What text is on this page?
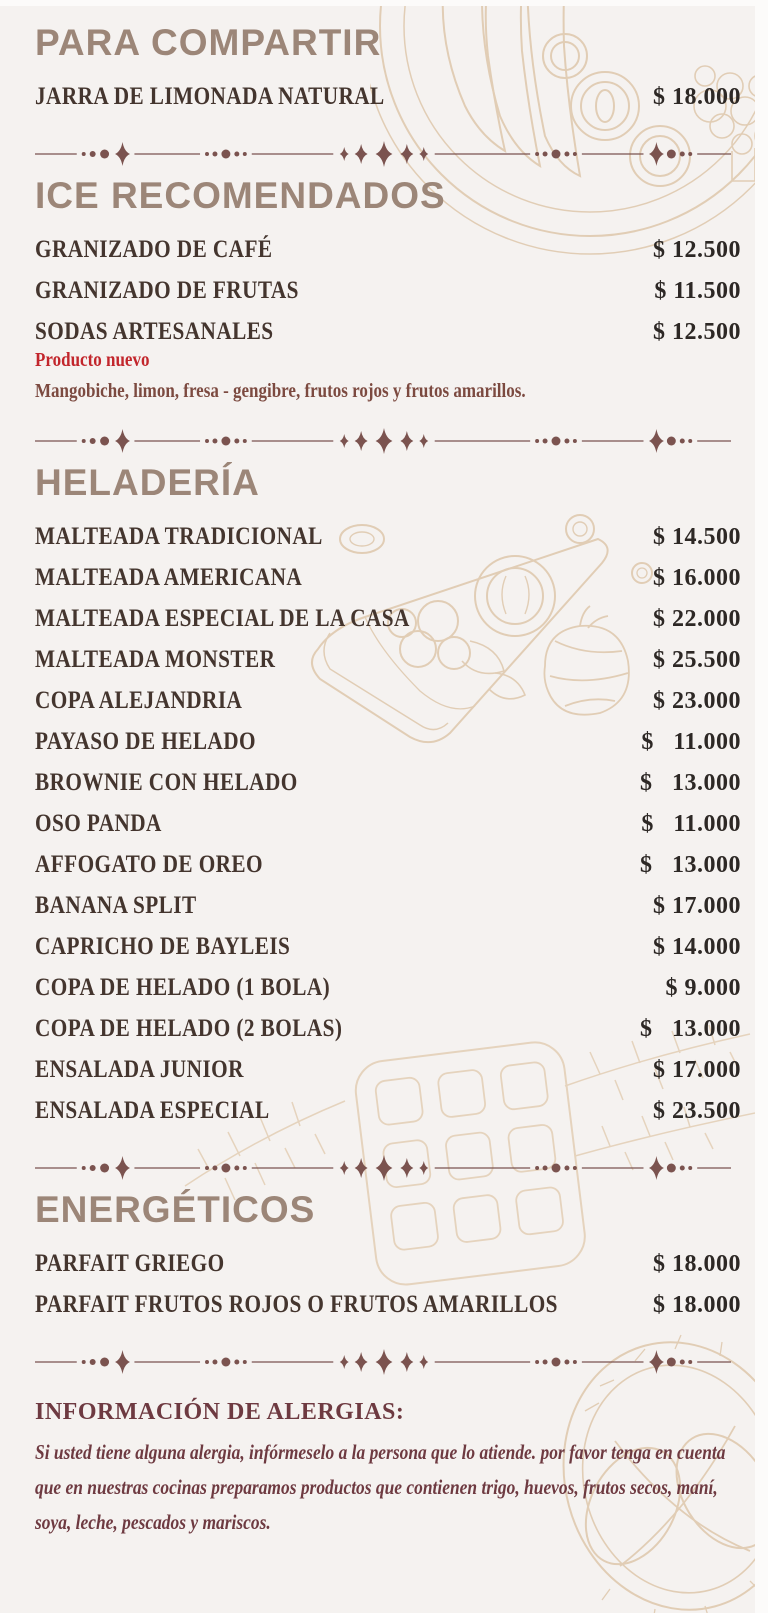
PARA COMPARTIR
JARRA DE LIMONADA NATURAL	$ 18.000
ICE RECOMENDADOS
GRANIZADO DE CAFÉ	$ 12.500
GRANIZADO DE FRUTAS	$ 11.500
SODAS ARTESANALES	$ 12.500
Producto nuevo
Mangobiche, limon, fresa - gengibre, frutos rojos y frutos amarillos.
HELADERÍA
MALTEADA TRADICIONAL	$ 14.500
MALTEADA AMERICANA	$ 16.000
MALTEADA ESPECIAL DE LA CASA	$ 22.000
MALTEADA MONSTER	$ 25.500
COPA ALEJANDRIA	$ 23.000
PAYASO DE HELADO	$   11.000
BROWNIE CON HELADO	$   13.000
OSO PANDA	$   11.000
AFFOGATO DE OREO	$   13.000
BANANA SPLIT	$ 17.000
CAPRICHO DE BAYLEIS	$ 14.000
COPA DE HELADO (1 BOLA)	$ 9.000
COPA DE HELADO (2 BOLAS)	$   13.000
ENSALADA JUNIOR	$ 17.000
ENSALADA ESPECIAL	$ 23.500
ENERGÉTICOS
PARFAIT GRIEGO	$ 18.000
PARFAIT FRUTOS ROJOS O FRUTOS AMARILLOS	$ 18.000
INFORMACIÓN DE ALERGIAS:
Si usted tiene alguna alergia, infórmeselo a la persona que lo atiende. por favor tenga en cuenta que en nuestras cocinas preparamos productos que contienen trigo, huevos, frutos secos, maní, soya, leche, pescados y mariscos.
